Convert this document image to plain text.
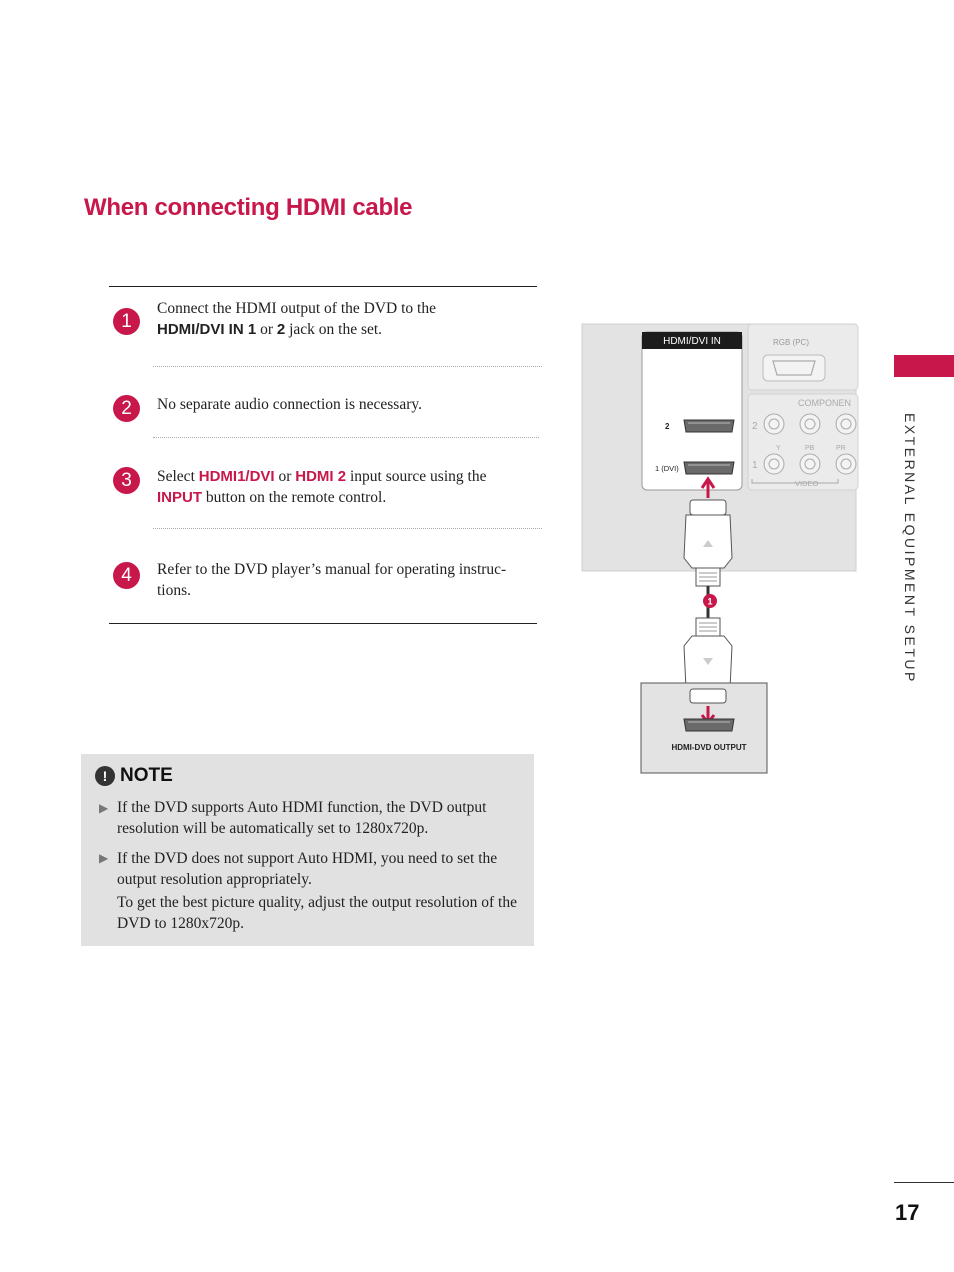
When connecting HDMI cable
1
Connect the HDMI output of the DVD to the
HDMI/DVI IN 1 or 2 jack on the set.
2	No separate audio connection is necessary.
3	Select HDMI1/DVI or HDMI 2 input source using the
INPUT button on the remote control.
4	Refer to the DVD player’s manual for operating instruc- tions.
! NOTE
▶ If the DVD supports Auto HDMI function, the DVD output resolution will be automatically set to 1280x720p.
▶ If the DVD does not support Auto HDMI, you need to set the output resolution appropriately.
To get the best picture quality, adjust the output resolution of the DVD to 1280x720p.
RGB (PC)
COMPONEN
2
1
Y	PB	PR
VIDEO
HDMI/DVI IN
2
1 (DVI)
1
HDMI-DVD OUTPUT
EXTERNAL EQUIPMENT SETUP
17
